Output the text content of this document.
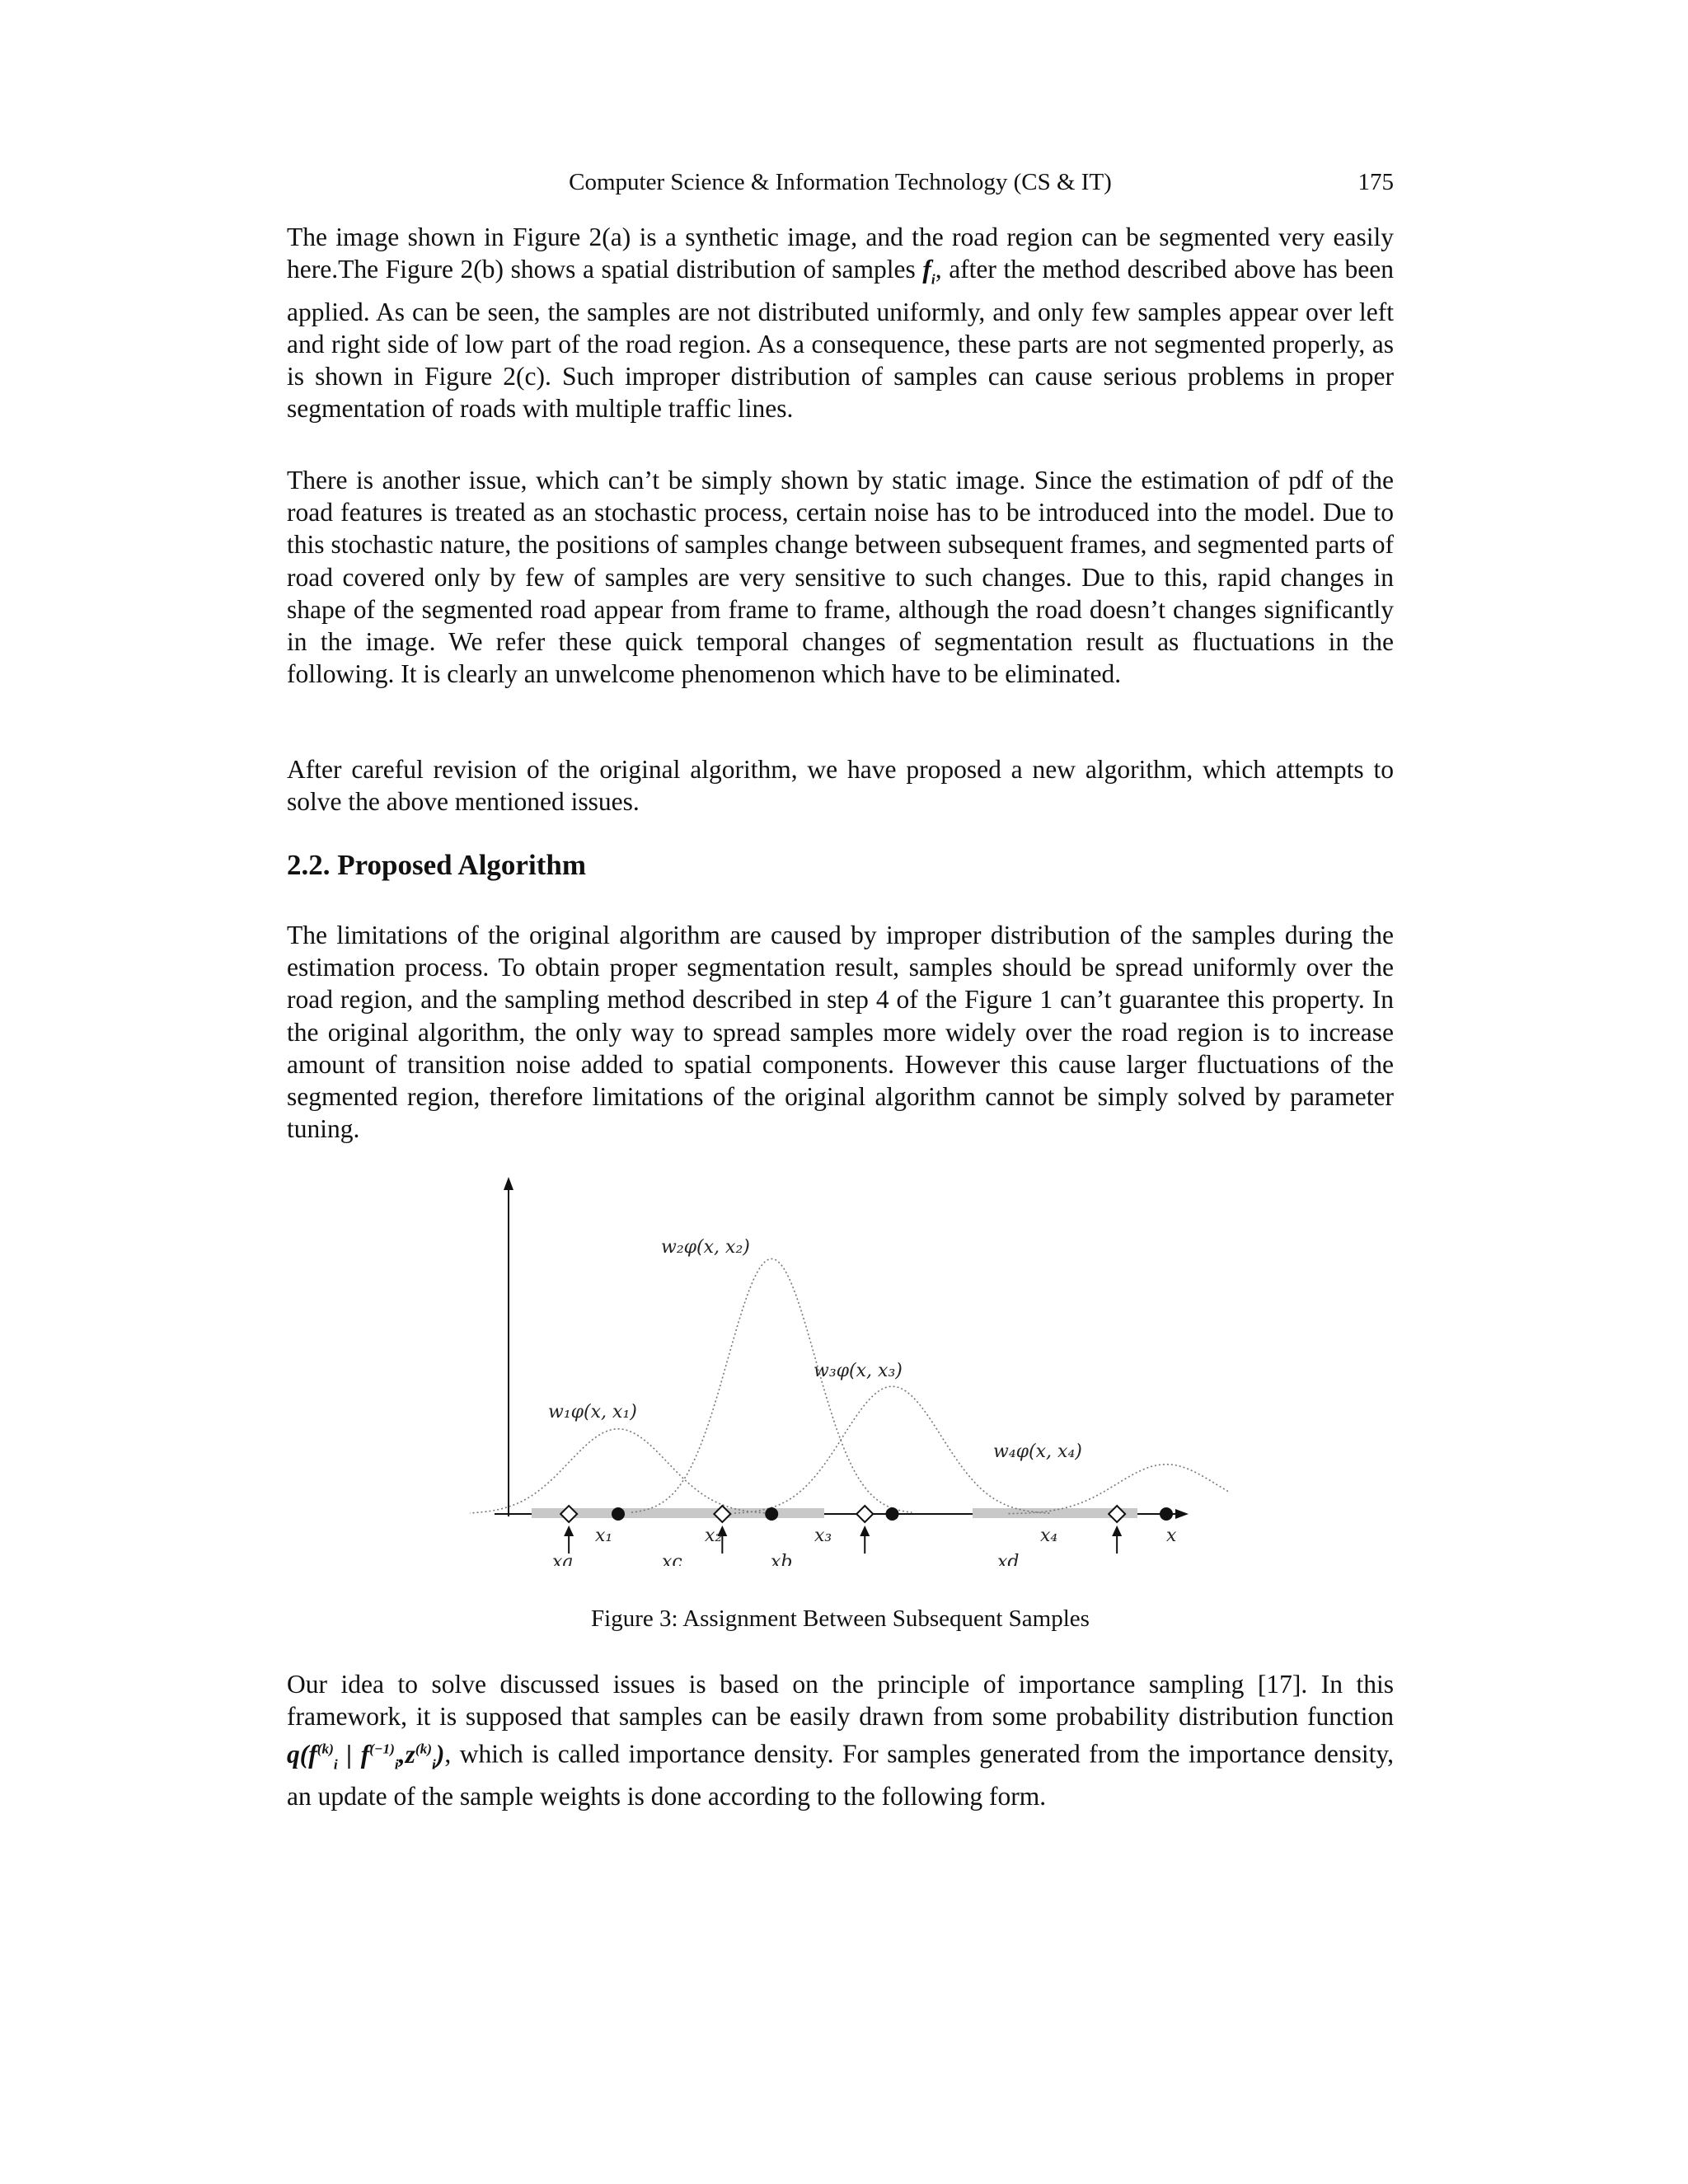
Computer Science & Information Technology (CS & IT)	175

The image shown in Figure 2(a) is a synthetic image, and the road region can be segmented very easily here.The Figure 2(b) shows a spatial distribution of samples $f_i$, after the method described above has been applied. As can be seen, the samples are not distributed uniformly, and only few samples appear over left and right side of low part of the road region. As a consequence, these parts are not segmented properly, as is shown in Figure 2(c). Such improper distribution of samples can cause serious problems in proper segmentation of roads with multiple traffic lines.

There is another issue, which can’t be simply shown by static image. Since the estimation of pdf of the road features is treated as an stochastic process, certain noise has to be introduced into the model. Due to this stochastic nature, the positions of samples change between subsequent frames, and segmented parts of road covered only by few of samples are very sensitive to such changes. Due to this, rapid changes in shape of the segmented road appear from frame to frame, although the road doesn’t changes significantly in the image. We refer these quick temporal changes of segmentation result as fluctuations in the following. It is clearly an unwelcome phenomenon which have to be eliminated.

After careful revision of the original algorithm, we have proposed a new algorithm, which attempts to solve the above mentioned issues.

2.2. Proposed Algorithm

The limitations of the original algorithm are caused by improper distribution of the samples during the estimation process. To obtain proper segmentation result, samples should be spread uniformly over the road region, and the sampling method described in step 4 of the Figure 1 can’t guarantee this property. In the original algorithm, the only way to spread samples more widely over the road region is to increase amount of transition noise added to spatial components. However this cause larger fluctuations of the segmented region, therefore limitations of the original algorithm cannot be simply solved by parameter tuning.

w₂φ(x, x₂)
w₃φ(x, x₃)
w₁φ(x, x₁)
w₄φ(x, x₄)
x₁	x₂	x₃	x₄	x
xa	xc	xb	xd
Figure 3: Assignment Between Subsequent Samples

Our idea to solve discussed issues is based on the principle of importance sampling [17]. In this framework, it is supposed that samples can be easily drawn from some probability distribution function $q(f^{(k)}_i$ | $f^{(-1)}_i,z^{(k)}_i$), which is called importance density. For samples generated from the importance density, an update of the sample weights is done according to the following form.
